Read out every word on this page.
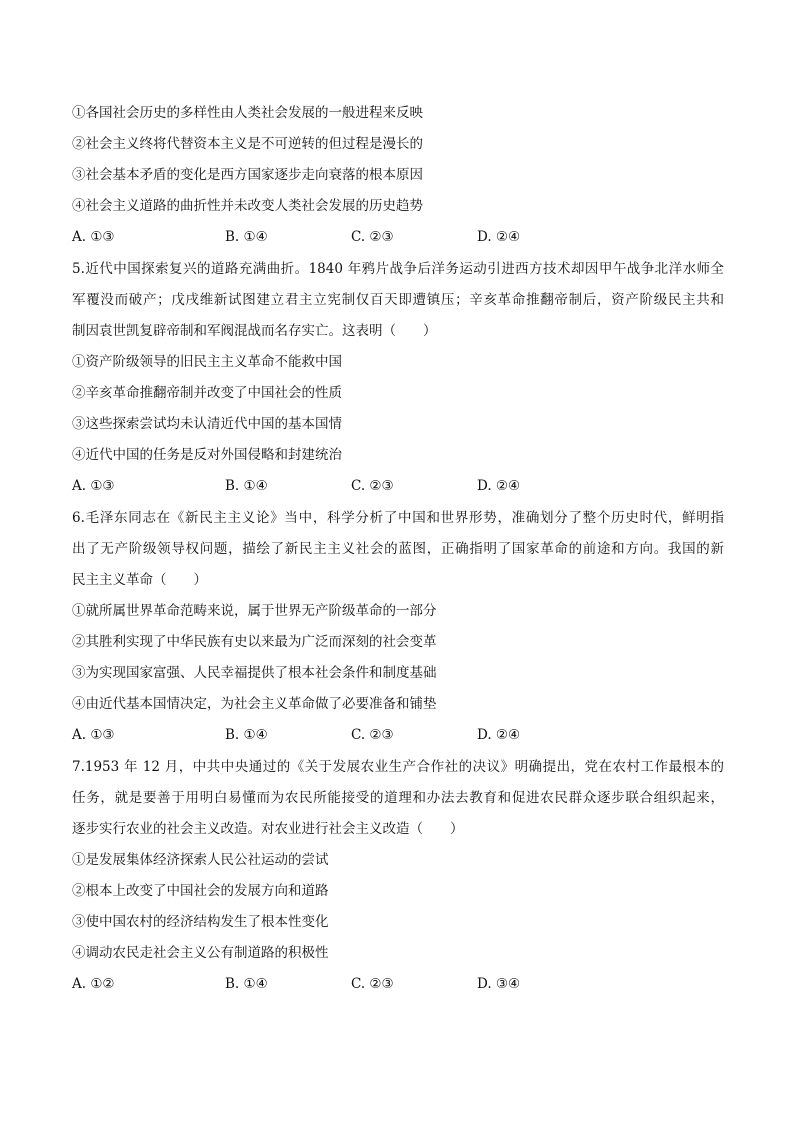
①各国社会历史的多样性由人类社会发展的一般进程来反映
②社会主义终将代替资本主义是不可逆转的但过程是漫长的
③社会基本矛盾的变化是西方国家逐步走向衰落的根本原因
④社会主义道路的曲折性并未改变人类社会发展的历史趋势
A. ①③	B. ①④	C. ②③	D. ②④
5.近代中国探索复兴的道路充满曲折。1840 年鸦片战争后洋务运动引进西方技术却因甲午战争北洋水师全
军覆没而破产；戊戌维新试图建立君主立宪制仅百天即遭镇压；辛亥革命推翻帝制后，资产阶级民主共和
制因袁世凯复辟帝制和军阀混战而名存实亡。这表明（　　）
①资产阶级领导的旧民主主义革命不能救中国
②辛亥革命推翻帝制并改变了中国社会的性质
③这些探索尝试均未认清近代中国的基本国情
④近代中国的任务是反对外国侵略和封建统治
A. ①③	B. ①④	C. ②③	D. ②④
6.毛泽东同志在《新民主主义论》当中，科学分析了中国和世界形势，准确划分了整个历史时代，鲜明指
出了无产阶级领导权问题，描绘了新民主主义社会的蓝图，正确指明了国家革命的前途和方向。我国的新
民主主义革命（　　）
①就所属世界革命范畴来说，属于世界无产阶级革命的一部分
②其胜利实现了中华民族有史以来最为广泛而深刻的社会变革
③为实现国家富强、人民幸福提供了根本社会条件和制度基础
④由近代基本国情决定，为社会主义革命做了必要准备和铺垫
A. ①③	B. ①④	C. ②③	D. ②④
7.1953 年 12 月，中共中央通过的《关于发展农业生产合作社的决议》明确提出，党在农村工作最根本的
任务，就是要善于用明白易懂而为农民所能接受的道理和办法去教育和促进农民群众逐步联合组织起来，
逐步实行农业的社会主义改造。对农业进行社会主义改造（　　）
①是发展集体经济探索人民公社运动的尝试
②根本上改变了中国社会的发展方向和道路
③使中国农村的经济结构发生了根本性变化
④调动农民走社会主义公有制道路的积极性
A. ①②	B. ①④	C. ②③	D. ③④
